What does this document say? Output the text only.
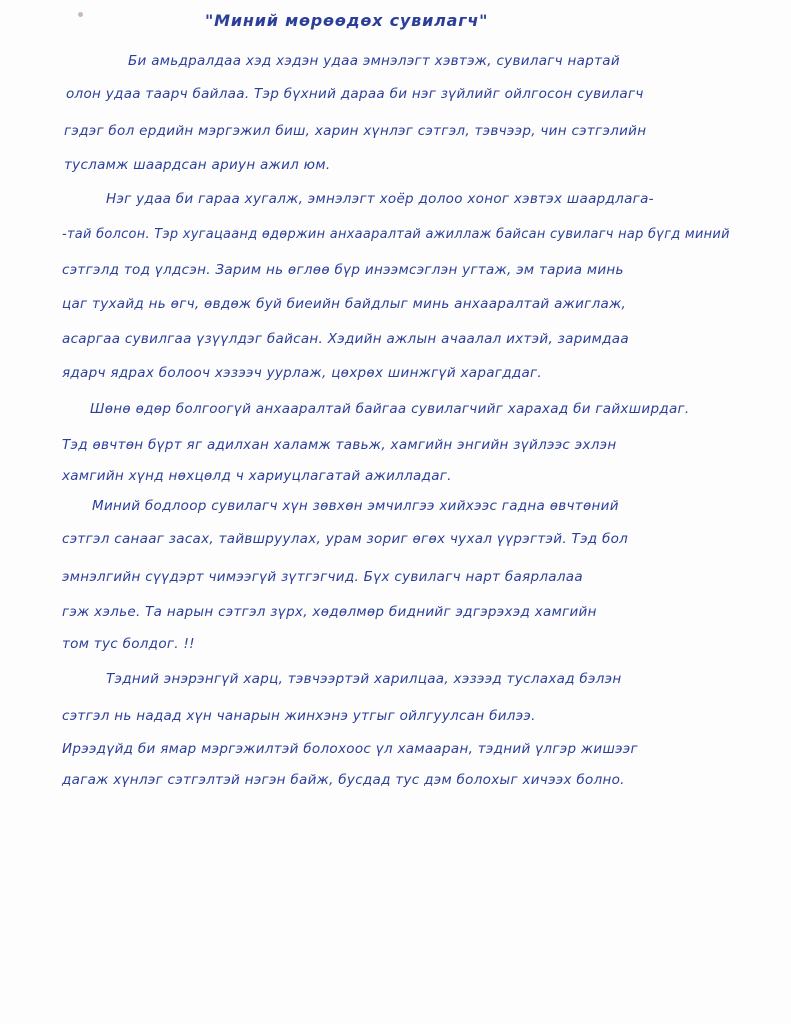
"Миний мөрөөдөх сувилагч"

Би амьдралдаа хэд хэдэн удаа эмнэлэгт хэвтэж, сувилагч нартай

олон удаа таарч байлаа. Тэр бүхний дараа би нэг зүйлийг ойлгосон сувилагч

гэдэг бол ердийн мэргэжил биш, харин хүнлэг сэтгэл, тэвчээр, чин сэтгэлийн

тусламж шаардсан ариун ажил юм.

Нэг удаа би гараа хугалж, эмнэлэгт хоёр долоо хоног хэвтэх шаардлага-

-тай болсон. Тэр хугацаанд өдөржин анхааралтай ажиллаж байсан сувилагч нар бүгд миний

сэтгэлд тод үлдсэн. Зарим нь өглөө бүр инээмсэглэн угтаж, эм тариа минь

цаг тухайд нь өгч, өвдөж буй биеийн байдлыг минь анхааралтай ажиглаж,

асаргаа сувилгаа үзүүлдэг байсан. Хэдийн ажлын ачаалал ихтэй, заримдаа

ядарч ядрах болооч хэзээч уурлаж, цөхрөх шинжгүй харагддаг.

Шөнө өдөр болгоогүй анхааралтай байгаа сувилагчийг харахад би гайхширдаг.

Тэд өвчтөн бүрт яг адилхан халамж тавьж, хамгийн энгийн зүйлээс эхлэн

хамгийн хүнд нөхцөлд ч хариуцлагатай ажилладаг.

Миний бодлоор сувилагч хүн зөвхөн эмчилгээ хийхээс гадна өвчтөний

сэтгэл санааг засах, тайвшруулах, урам зориг өгөх чухал үүрэгтэй. Тэд бол

эмнэлгийн сүүдэрт чимээгүй зүтгэгчид. Бүх сувилагч нарт баярлалаа

гэж хэлье. Та нарын сэтгэл зүрх, хөдөлмөр биднийг эдгэрэхэд хамгийн

том тус болдог. !!

Тэдний энэрэнгүй харц, тэвчээртэй харилцаа, хэзээд туслахад бэлэн

сэтгэл нь надад хүн чанарын жинхэнэ утгыг ойлгуулсан билээ.

Ирээдүйд би ямар мэргэжилтэй болохоос үл хамааран, тэдний үлгэр жишээг

дагаж хүнлэг сэтгэлтэй нэгэн байж, бусдад тус дэм болохыг хичээх болно.
